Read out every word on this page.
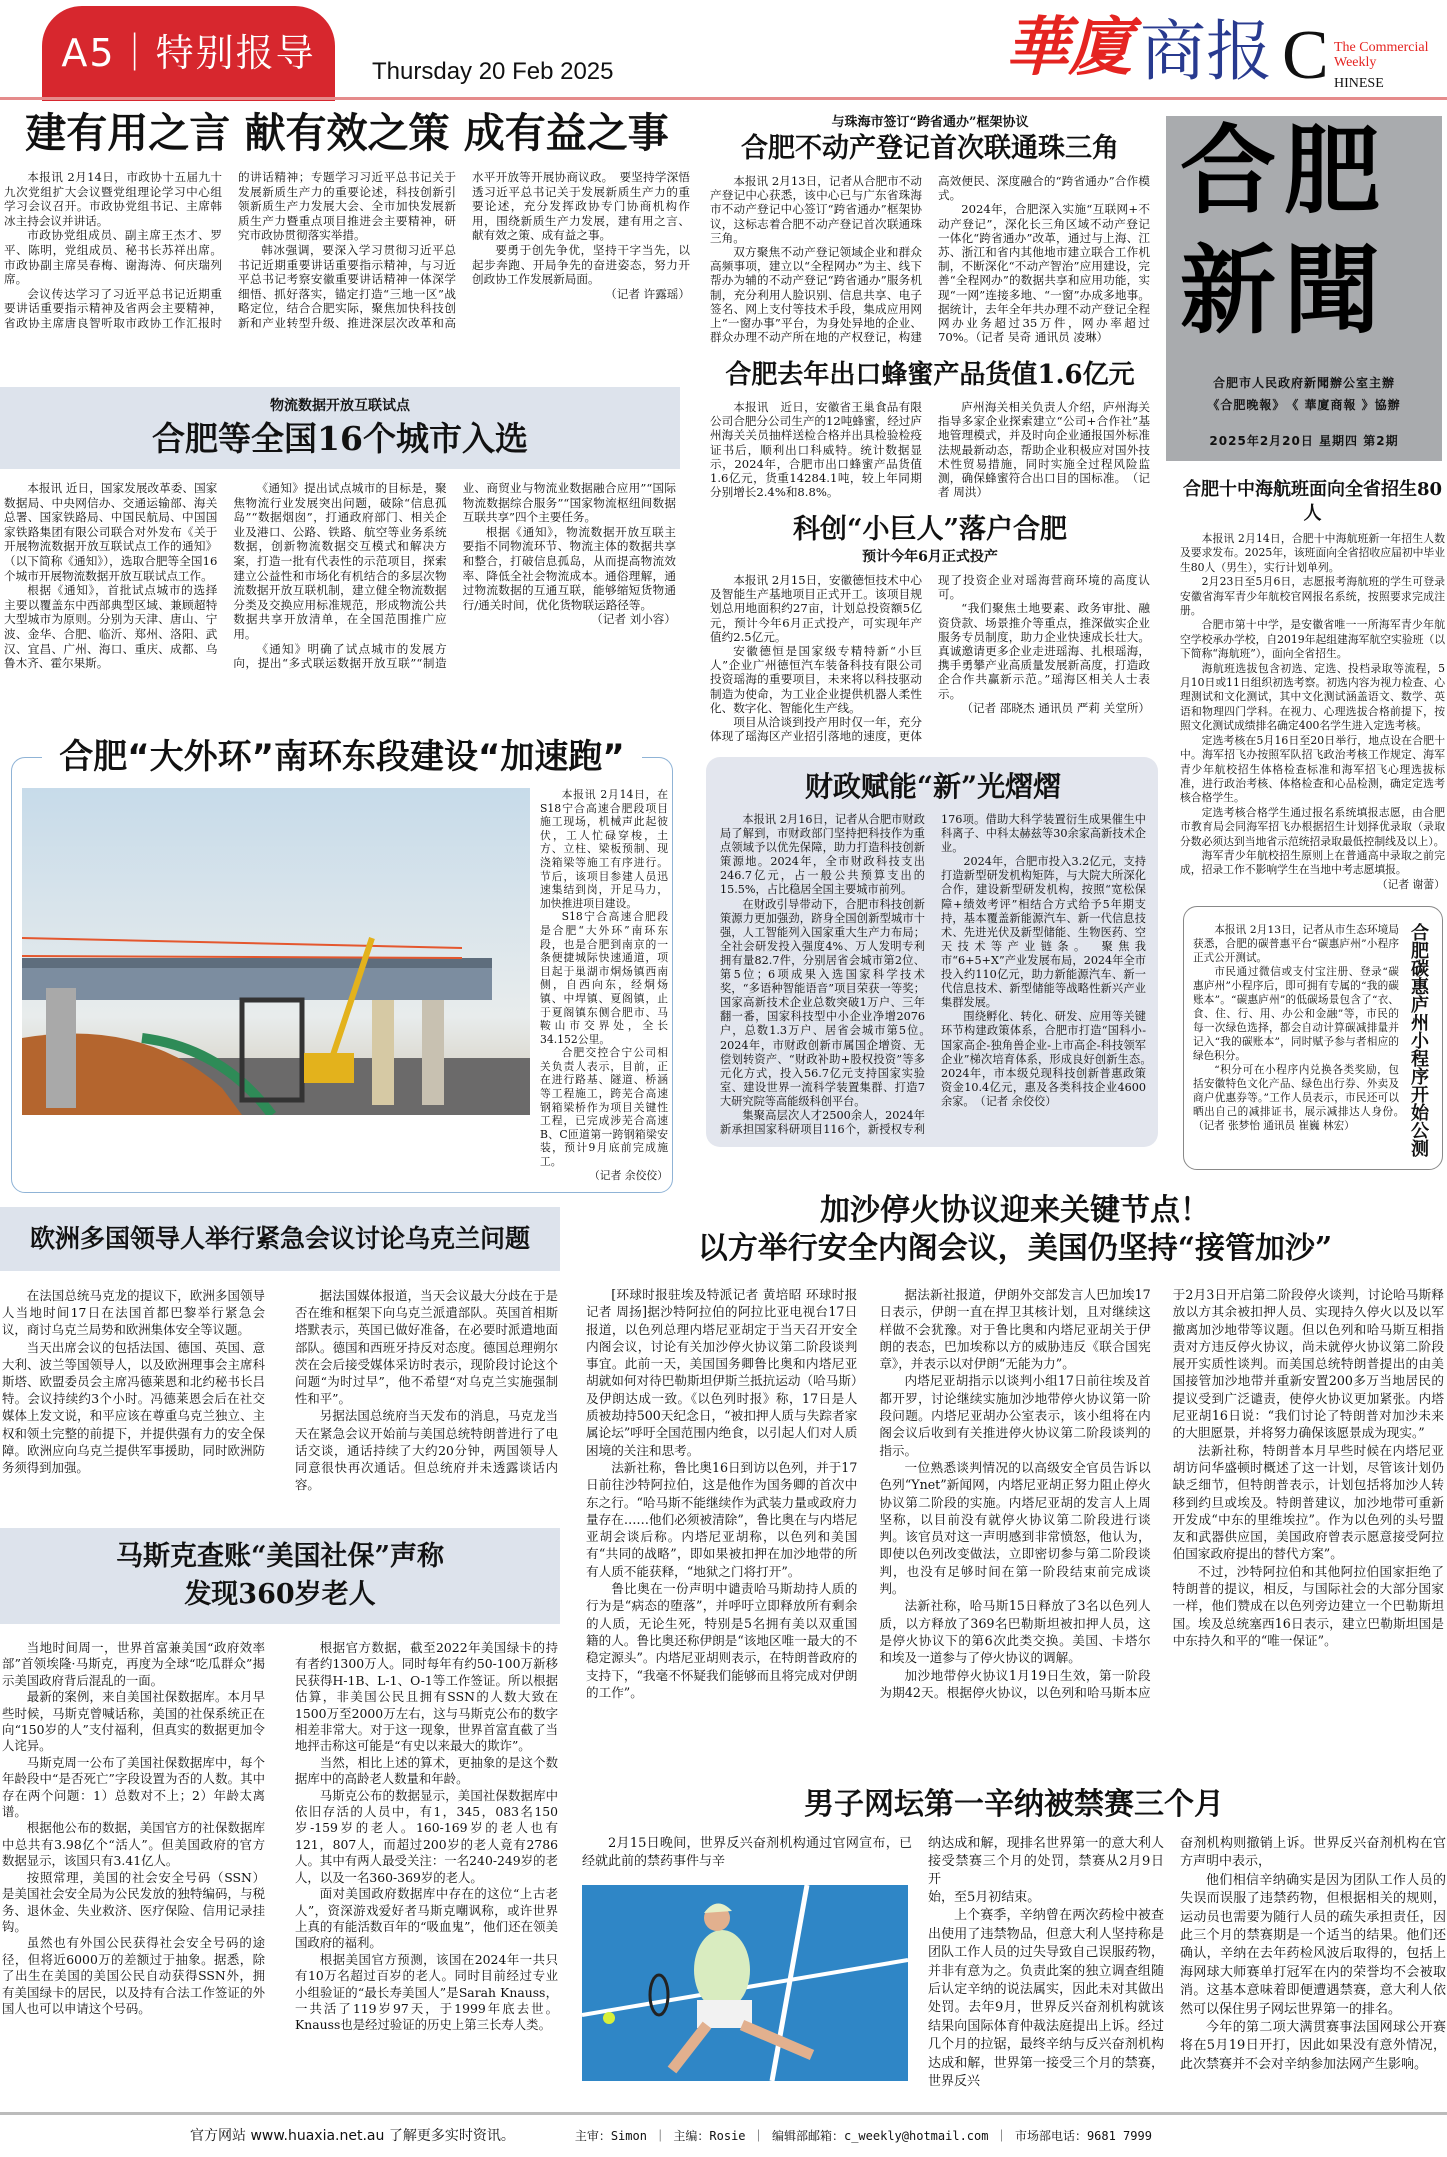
A5｜特别报导	Thursday 20 Feb 2025	華廈 商报 C The Commercial
Weekly
HINESE
建有用之言 献有效之策 成有益之事

本报讯 2月14日，市政协十五届九十九次党组扩大会议暨党组理论学习中心组学习会议召开。市政协党组书记、主席韩冰主持会议并讲话。

市政协党组成员、副主席王杰才、罗平、陈明，党组成员、秘书长苏祥出席。市政协副主席吴春梅、谢海涛、何庆瑞列席。

会议传达学习了习近平总书记近期重要讲话重要指示精神及省两会主要精神，省政协主席唐良智听取市政协工作汇报时的讲话精神；专题学习习近平总书记关于发展新质生产力的重要论述，科技创新引领新质生产力发展大会、全市加快发展新质生产力暨重点项目推进会主要精神，研究市政协贯彻落实举措。

韩冰强调，要深入学习贯彻习近平总书记近期重要讲话重要指示精神，与习近平总书记考察安徽重要讲话精神一体深学细悟、抓好落实，锚定打造“三地一区”战略定位，结合合肥实际，聚焦加快科技创新和产业转型升级、推进深层次改革和高水平开放等开展协商议政。　要坚持学深悟透习近平总书记关于发展新质生产力的重要论述，充分发挥政协专门协商机构作用，围绕新质生产力发展，建有用之言、献有效之策、成有益之事。

要勇于创先争优，坚持干字当先，以起步奔跑、开局争先的奋进姿态，努力开创政协工作发展新局面。

（记者 许露瑶）

与珠海市签订“跨省通办”框架协议
合肥不动产登记首次联通珠三角

本报讯 2月13日，记者从合肥市不动产登记中心获悉，该中心已与广东省珠海市不动产登记中心签订“跨省通办”框架协议，这标志着合肥不动产登记首次联通珠三角。

双方聚焦不动产登记领域企业和群众高频事项，建立以“全程网办”为主、线下帮办为辅的不动产登记“跨省通办”服务机制，充分利用人脸识别、信息共享、电子签名、网上支付等技术手段，集成应用网上“一窗办事”平台，为身处异地的企业、群众办理不动产所在地的产权登记，构建高效便民、深度融合的“跨省通办”合作模式。

2024年，合肥深入实施“互联网+不动产登记”，深化长三角区域不动产登记一体化“跨省通办”改革，通过与上海、江苏、浙江和省内其他地市建立联合工作机制，不断深化“不动产智治”应用建设，完善“全程网办”的数据共享和应用功能，实现“一网”连接多地、“一窗”办成多地事。据统计，去年全年共办理不动产登记全程网办业务超过35万件，网办率超过70%。（记者 吴奇 通讯员 凌琳）

合肥
新聞
合肥市人民政府新聞辦公室主辦
《合肥晚報》　《 華廈商報 》協辦
2025年2月20日 星期四 第2期
合肥去年出口蜂蜜产品货值1.6亿元

本报讯　近日，安徽省王巢食品有限公司合肥分公司生产的12吨蜂蜜，经过庐州海关关员抽样送检合格并出具检验检疫证书后，顺利出口科威特。统计数据显示，2024年，合肥市出口蜂蜜产品货值1.6亿元，货重14284.1吨，较上年同期分别增长2.4%和8.8%。

庐州海关相关负责人介绍，庐州海关指导多家企业探索建立“公司+合作社”基地管理模式，并及时向企业通报国外标准法规最新动态，帮助企业积极应对国外技术性贸易措施，同时实施全过程风险监测，确保蜂蜜符合出口目的国标准。　（记者 周洪）

科创“小巨人”落户合肥
预计今年6月正式投产

本报讯 2月15日，安徽德恒技术中心及智能生产基地项目正式开工。该项目规划总用地面积约27亩，计划总投资额5亿元，预计今年6月正式投产，可实现年产值约2.5亿元。

安徽德恒是国家级专精特新“小巨人”企业广州德恒汽车装备科技有限公司投资瑶海的重要项目，未来将以科技驱动制造为使命，为工业企业提供机器人柔性化、数字化、智能化生产线。

项目从洽谈到投产用时仅一年，充分体现了瑶海区产业招引落地的速度，更体现了投资企业对瑶海营商环境的高度认可。

“我们聚焦土地要素、政务审批、融资贷款、场景推介等重点，推深做实企业服务专员制度，助力企业快速成长壮大。真诚邀请更多企业走进瑶海、扎根瑶海，携手勇攀产业高质量发展新高度，打造政企合作共赢新示范。”瑶海区相关人士表示。

（记者 邵晓杰 通讯员 严莉 关堂所）

合肥十中海航班面向全省招生80人

本报讯 2月14日，合肥十中海航班新一年招生人数及要求发布。2025年，该班面向全省招收应届初中毕业生80人（男生），实行计划单列。

2月23日至5月6日，志愿报考海航班的学生可登录安徽省海军青少年航校官网报名系统，按照要求完成注册。

合肥市第十中学，是安徽省唯一一所海军青少年航空学校承办学校，自2019年起组建海军航空实验班（以下简称“海航班”），面向全省招生。

海航班选拔包含初选、定选、投档录取等流程，5月10日或11日组织初选考察。初选内容为视力检查、心理测试和文化测试，其中文化测试涵盖语文、数学、英语和物理四门学科。在视力、心理选拔合格前提下，按照文化测试成绩排名确定400名学生进入定选考核。

定选考核在5月16日至20日举行，地点设在合肥十中。海军招飞办按照军队招飞政治考核工作规定、海军青少年航校招生体格检查标准和海军招飞心理选拔标准，进行政治考核、体格检查和心品检测，确定定选考核合格学生。

定选考核合格学生通过报名系统填报志愿，由合肥市教育局会同海军招飞办根据招生计划择优录取（录取分数必须达到当地省示范统招录取最低控制线及以上）。

海军青少年航校招生原则上在普通高中录取之前完成，招录工作不影响学生在当地中考志愿填报。

（记者 谢蕾）

物流数据开放互联试点
合肥等全国16个城市入选

本报讯 近日，国家发展改革委、国家数据局、中央网信办、交通运输部、海关总署、国家铁路局、中国民航局、中国国家铁路集团有限公司联合对外发布《关于开展物流数据开放互联试点工作的通知》（以下简称《通知》），选取合肥等全国16个城市开展物流数据开放互联试点工作。

根据《通知》，首批试点城市的选择主要以覆盖东中西部典型区域、兼顾超特大型城市为原则。分别为天津、唐山、宁波、金华、合肥、临沂、郑州、洛阳、武汉、宜昌、广州、海口、重庆、成都、乌鲁木齐、霍尔果斯。

《通知》提出试点城市的目标是，聚焦物流行业发展突出问题，破除“信息孤岛”“数据烟囱”，打通政府部门、相关企业及港口、公路、铁路、航空等业务系统数据，创新物流数据交互模式和解决方案，打造一批有代表性的示范项目，探索建立公益性和市场化有机结合的多层次物流数据开放互联机制，建立健全物流数据分类及交换应用标准规范，形成物流公共数据共享开放清单，在全国范围推广应用。

《通知》明确了试点城市的发展方向，提出“多式联运数据开放互联”“制造业、商贸业与物流业数据融合应用”“国际物流数据综合服务”“国家物流枢纽间数据互联共享”四个主要任务。

根据《通知》，物流数据开放互联主要指不同物流环节、物流主体的数据共享和整合，打破信息孤岛，从而提高物流效率、降低全社会物流成本。通俗理解，通过物流数据的互通互联，能够缩短货物通行/通关时间，优化货物联运路径等。

（记者 刘小容）

合肥“大外环”南环东段建设“加速跑”

本报讯 2月14日，在S18宁合高速合肥段项目施工现场，机械声此起彼伏，工人忙碌穿梭，土方、立柱、梁板预制、现浇箱梁等施工有序进行。节后，该项目参建人员迅速集结到岗，开足马力，加快推进项目建设。

S18宁合高速合肥段是合肥“大外环”南环东段，也是合肥到南京的一条便捷城际快速通道，项目起于巢湖市烔炀镇西南侧，自西向东，经烔炀镇、中垾镇、夏阁镇，止于夏阁镇东侧合肥市、马鞍山市交界处，全长34.152公里。

合肥交控合宁公司相关负责人表示，目前，正在进行路基、隧道、桥涵等工程施工，跨芜合高速钢箱梁桥作为项目关键性工程，已完成涉芜合高速B、C匝道第一跨钢箱梁安装，预计9月底前完成施工。

（记者 余佼佼）

财政赋能“新”光熠熠

本报讯 2月16日，记者从合肥市财政局了解到，市财政部门坚持把科技作为重点领域予以优先保障，助力打造科技创新策源地。2024年，全市财政科技支出246.7亿元，占一般公共预算支出的15.5%，占比稳居全国主要城市前列。

在财政引导带动下，合肥市科技创新策源力更加强劲，跻身全国创新型城市十强，人工智能列入国家重大生产力布局；全社会研发投入强度4%、万人发明专利拥有量82.7件，分别居省会城市第2位、第5位；6项成果入选国家科学技术奖，“多语种智能语音”项目荣获一等奖；国家高新技术企业总数突破1万户、三年翻一番，国家科技型中小企业净增2076户，总数1.3万户、居省会城市第5位。　2024年，市财政创新市属国企增资、无偿划转资产、“财政补助+股权投资”等多元化方式，投入56.7亿元支持国家实验室、建设世界一流科学装置集群、打造7大研究院等高能级科创平台。

集聚高层次人才2500余人，2024年新承担国家科研项目116个，新授权专利176项。借助大科学装置衍生成果催生中科离子、中科太赫兹等30余家高新技术企业。

2024年，合肥市投入3.2亿元，支持打造新型研发机构矩阵，与大院大所深化合作，建设新型研发机构，按照“宽松保障+绩效考评”相结合方式给予5年期支持，基本覆盖新能源汽车、新一代信息技术、先进光伏及新型储能、生物医药、空天技术等产业链条。　聚焦我市“6+5+X”产业发展布局，2024年全市投入约110亿元，助力新能源汽车、新一代信息技术、新型储能等战略性新兴产业集群发展。

围绕孵化、转化、研发、应用等关键环节构建政策体系，合肥市打造“国科小-国家高企-独角兽企业-上市高企-科技领军企业”梯次培育体系，形成良好创新生态。　2024年，市本级兑现科技创新普惠政策资金10.4亿元，惠及各类科技企业4600余家。　（记者 余佼佼）

本报讯 2月13日，记者从市生态环境局获悉，合肥的碳普惠平台“碳惠庐州”小程序正式公开测试。

市民通过微信或支付宝注册、登录“碳惠庐州”小程序后，即可拥有专属的“我的碳账本”。“碳惠庐州”的低碳场景包含了“衣、食、住、行、用、办公和金融”等，市民的每一次绿色选择，都会自动计算碳减排量并记入“我的碳账本”，同时赋予参与者相应的绿色积分。

“积分可在小程序内兑换各类奖励，包括安徽特色文化产品、绿色出行券、外卖及商户优惠券等。”工作人员表示，市民还可以晒出自己的减排证书，展示减排达人身份。　（记者 张梦怡 通讯员 崔巍 林宏）	合肥碳惠庐州小程序开始公测
欧洲多国领导人举行紧急会议讨论乌克兰问题

在法国总统马克龙的提议下，欧洲多国领导人当地时间17日在法国首都巴黎举行紧急会议，商讨乌克兰局势和欧洲集体安全等议题。

当天出席会议的包括法国、德国、英国、意大利、波兰等国领导人，以及欧洲理事会主席科斯塔、欧盟委员会主席冯德莱恩和北约秘书长吕特。会议持续约3个小时。冯德莱恩会后在社交媒体上发文说，和平应该在尊重乌克兰独立、主权和领土完整的前提下，并提供强有力的安全保障。欧洲应向乌克兰提供军事援助，同时欧洲防务须得到加强。

据法国媒体报道，当天会议最大分歧在于是否在维和框架下向乌克兰派遣部队。英国首相斯塔默表示，英国已做好准备，在必要时派遣地面部队。德国和西班牙持反对态度。德国总理朔尔茨在会后接受媒体采访时表示，现阶段讨论这个问题“为时过早”，他不希望“对乌克兰实施强制性和平”。

另据法国总统府当天发布的消息，马克龙当天在紧急会议开始前与美国总统特朗普进行了电话交谈，通话持续了大约20分钟，两国领导人同意很快再次通话。但总统府并未透露谈话内容。

加沙停火协议迎来关键节点！
以方举行安全内阁会议，美国仍坚持“接管加沙”

[环球时报驻埃及特派记者 黄培昭 环球时报记者 周扬]据沙特阿拉伯的阿拉比亚电视台17日报道，以色列总理内塔尼亚胡定于当天召开安全内阁会议，讨论有关加沙停火协议第二阶段谈判事宜。此前一天，美国国务卿鲁比奥和内塔尼亚胡就如何对待巴勒斯坦伊斯兰抵抗运动（哈马斯）及伊朗达成一致。《以色列时报》称，17日是人质被劫持500天纪念日，“被扣押人质与失踪者家属论坛”呼吁全国范围内绝食，以引起人们对人质困境的关注和思考。

法新社称，鲁比奥16日到访以色列，并于17日前往沙特阿拉伯，这是他作为国务卿的首次中东之行。“哈马斯不能继续作为武装力量或政府力量存在……他们必须被清除”，鲁比奥在与内塔尼亚胡会谈后称。内塔尼亚胡称，以色列和美国有“共同的战略”，即如果被扣押在加沙地带的所有人质不能获释，“地狱之门将打开”。

鲁比奥在一份声明中谴责哈马斯劫持人质的行为是“病态的堕落”，并呼吁立即释放所有剩余的人质，无论生死，特别是5名拥有美以双重国籍的人。鲁比奥还称伊朗是“该地区唯一最大的不稳定源头”。内塔尼亚胡则表示，在特朗普政府的支持下，“我毫不怀疑我们能够而且将完成对伊朗的工作”。

据法新社报道，伊朗外交部发言人巴加埃17日表示，伊朗一直在捍卫其核计划，且对继续这样做不会犹豫。对于鲁比奥和内塔尼亚胡关于伊朗的表态，巴加埃称以方的威胁违反《联合国宪章》，并表示以对伊朗“无能为力”。

内塔尼亚胡指示以谈判小组17日前往埃及首都开罗，讨论继续实施加沙地带停火协议第一阶段问题。内塔尼亚胡办公室表示，该小组将在内阁会议后收到有关推进停火协议第二阶段谈判的指示。

一位熟悉谈判情况的以高级安全官员告诉以色列“Ynet”新闻网，内塔尼亚胡正努力阻止停火协议第二阶段的实施。内塔尼亚胡的发言人上周坚称，以目前没有就停火协议第二阶段进行谈判。该官员对这一声明感到非常愤怒，他认为，即使以色列改变做法，立即密切参与第二阶段谈判，也没有足够时间在第一阶段结束前完成谈判。

法新社称，哈马斯15日释放了3名以色列人质，以方释放了369名巴勒斯坦被扣押人员，这是停火协议下的第6次此类交换。美国、卡塔尔和埃及一道参与了停火协议的调解。

加沙地带停火协议1月19日生效，第一阶段为期42天。根据停火协议，以色列和哈马斯本应于2月3日开启第二阶段停火谈判，讨论哈马斯释放以方其余被扣押人员、实现持久停火以及以军撤离加沙地带等议题。但以色列和哈马斯互相指责对方违反停火协议，尚未就停火协议第二阶段展开实质性谈判。而美国总统特朗普提出的由美国接管加沙地带并重新安置200多万当地居民的提议受到广泛谴责，使停火协议更加紧张。内塔尼亚胡16日说：“我们讨论了特朗普对加沙未来的大胆愿景，并将努力确保该愿景成为现实。”

法新社称，特朗普本月早些时候在内塔尼亚胡访问华盛顿时概述了这一计划，尽管该计划仍缺乏细节，但特朗普表示，计划包括将加沙人转移到约旦或埃及。特朗普建议，加沙地带可重新开发成“中东的里维埃拉”。作为以色列的头号盟友和武器供应国，美国政府曾表示愿意接受阿拉伯国家政府提出的替代方案”。

不过，沙特阿拉伯和其他阿拉伯国家拒绝了特朗普的提议，相反，与国际社会的大部分国家一样，他们赞成在以色列旁边建立一个巴勒斯坦国。埃及总统塞西16日表示，建立巴勒斯坦国是中东持久和平的“唯一保证”。

马斯克查账“美国社保”声称
发现360岁老人

当地时间周一，世界首富兼美国“政府效率部”首领埃隆·马斯克，再度为全球“吃瓜群众”揭示美国政府背后混乱的一面。

最新的案例，来自美国社保数据库。本月早些时候，马斯克曾喊话称，美国的社保系统正在向“150岁的人”支付福利，但真实的数据更加令人诧异。

马斯克周一公布了美国社保数据库中，每个年龄段中“是否死亡”字段设置为否的人数。其中存在两个问题：1）总数对不上；2）年龄太离谱。

根据他公布的数据，美国官方的社保数据库中总共有3.98亿个“活人”。但美国政府的官方数据显示，该国只有3.41亿人。

按照常理，美国的社会安全号码（SSN）是美国社会安全局为公民发放的独特编码，与税务、退休金、失业救济、医疗保险、信用记录挂钩。

虽然也有外国公民获得社会安全号码的途径，但将近6000万的差额过于抽象。据悉，除了出生在美国的美国公民自动获得SSN外，拥有美国绿卡的居民，以及持有合法工作签证的外国人也可以申请这个号码。

根据官方数据，截至2022年美国绿卡的持有者约1300万人。同时每年有约50-100万新移民获得H-1B、L-1、O-1等工作签证。所以根据估算，非美国公民且拥有SSN的人数大致在1500万至2000万左右，这与马斯克公布的数字相差非常大。对于这一现象，世界首富直截了当地抨击称这可能是“有史以来最大的欺诈”。

当然，相比上述的算术，更抽象的是这个数据库中的高龄老人数量和年龄。

马斯克公布的数据显示，美国社保数据库中依旧存活的人员中，有1，345，083名150岁-159岁的老人。160-169岁的老人也有121，807人，而超过200岁的老人竟有2786人。其中有两人最受关注：一名240-249岁的老人，以及一名360-369岁的老人。

面对美国政府数据库中存在的这位“上古老人”，资深游戏爱好者马斯克嘲讽称，或许世界上真的有能活数百年的“吸血鬼”，他们还在领美国政府的福利。

根据美国官方预测，该国在2024年一共只有10万名超过百岁的老人。同时目前经过专业小组验证的“最长寿美国人”是Sarah Knauss，一共活了119岁97天，于1999年底去世。Knauss也是经过验证的历史上第三长寿人类。

男子网坛第一辛纳被禁赛三个月

2月15日晚间，世界反兴奋剂机构通过官网宣布，已经就此前的禁药事件与辛

纳达成和解，现排名世界第一的意大利人接受禁赛三个月的处罚，禁赛从2月9日开

始，至5月初结束。

上个赛季，辛纳曾在两次药检中被查出使用了违禁物品，但意大利人坚持称是团队工作人员的过失导致自己误服药物，并非有意为之。负责此案的独立调查组随后认定辛纳的说法属实，因此未对其做出处罚。去年9月，世界反兴奋剂机构就该结果向国际体育仲裁法庭提出上诉。经过几个月的拉锯，最终辛纳与反兴奋剂机构达成和解，世界第一接受三个月的禁赛，世界反兴

奋剂机构则撤销上诉。世界反兴奋剂机构在官方声明中表示，

他们相信辛纳确实是因为团队工作人员的失误而误服了违禁药物，但根据相关的规则，运动员也需要为随行人员的疏失承担责任，因此三个月的禁赛期是一个适当的结果。他们还确认，辛纳在去年药检风波后取得的，包括上海网球大师赛单打冠军在内的荣誉均不会被取消。这基本意味着即便遭遇禁赛，意大利人依然可以保住男子网坛世界第一的排名。

今年的第二项大满贯赛事法国网球公开赛将在5月19日开打，因此如果没有意外情况，此次禁赛并不会对辛纳参加法网产生影响。

官方网站 www.huaxia.net.au 了解更多实时资讯。	主审：Simon ｜ 主编：Rosie ｜ 编辑部邮箱：c_weekly@hotmail.com ｜ 市场部电话：9681 7999
